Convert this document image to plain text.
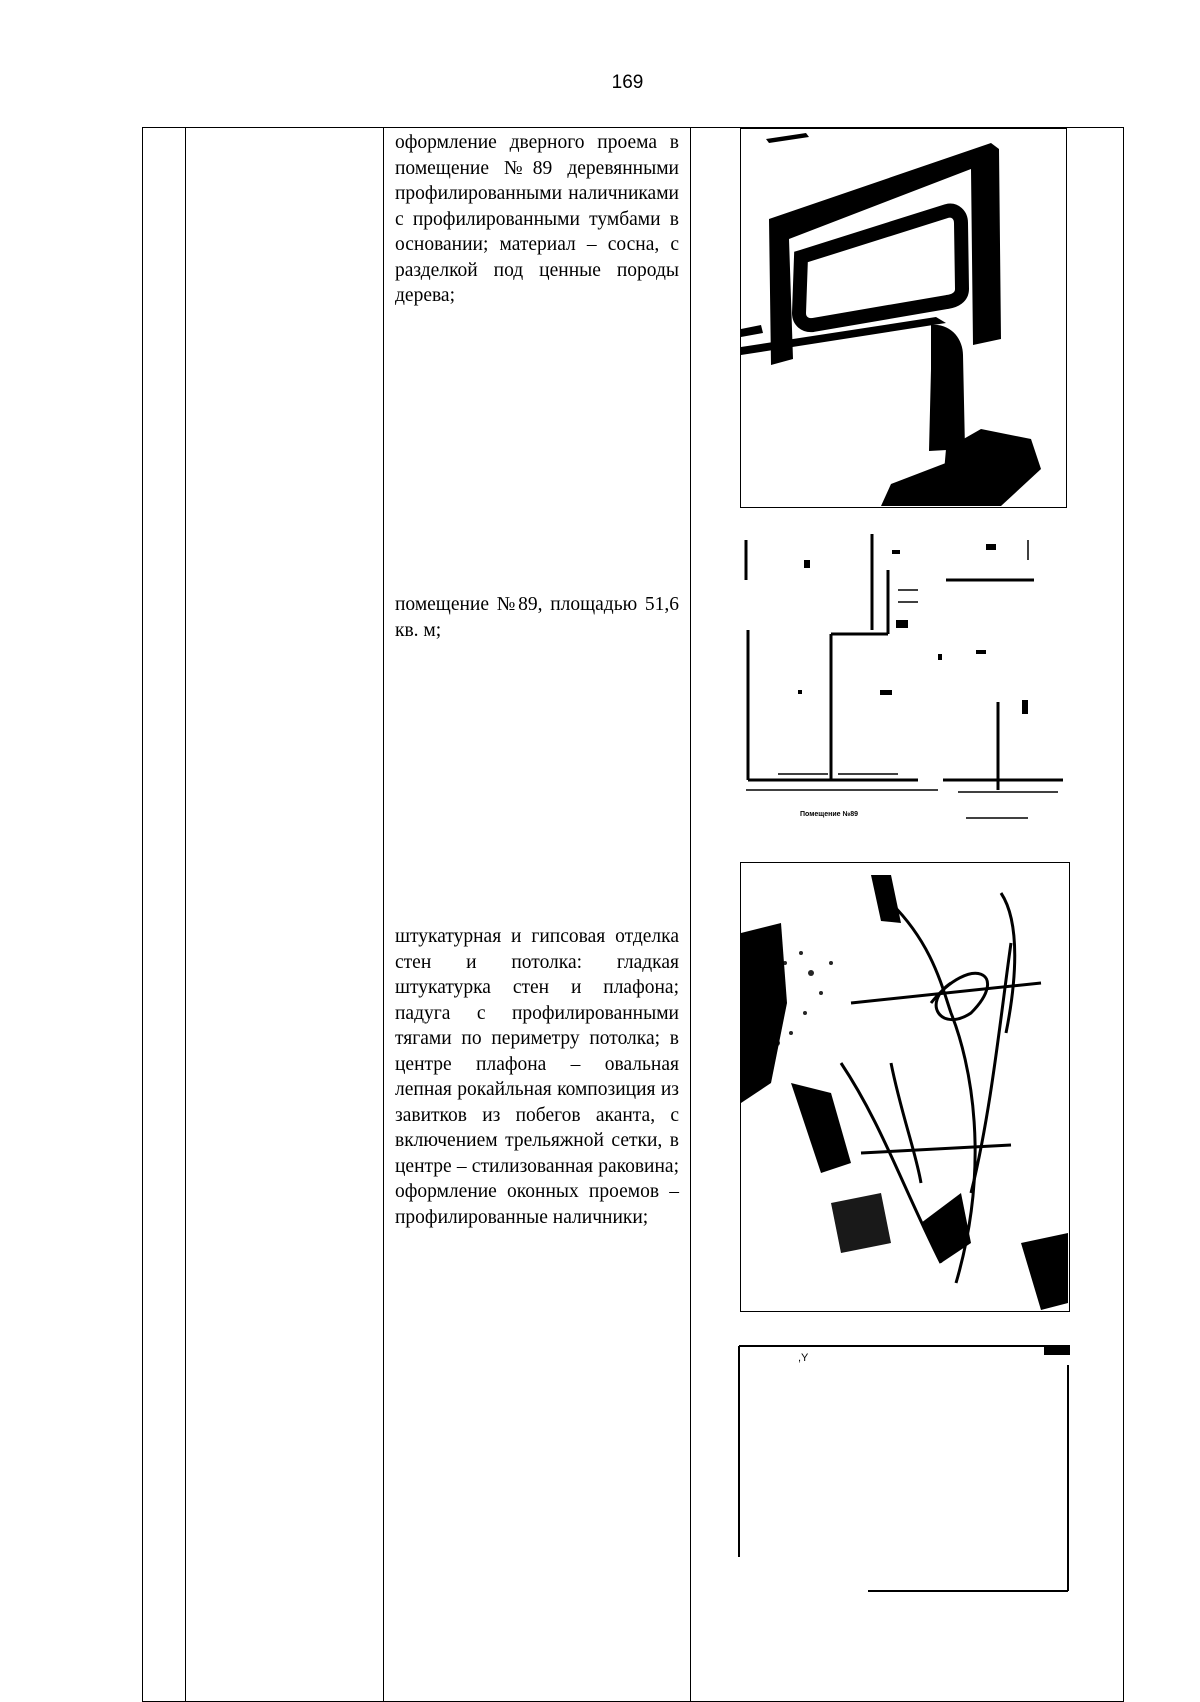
169
оформление дверного проема в помещение №89 деревянными профилированными наличниками с профилированными тумбами в основании; материал – сосна, с разделкой под ценные породы дерева;
помещение №89, площадью 51,6 кв. м;
штукатурная и гипсовая отделка стен и потолка: гладкая штукатурка стен и плафона; падуга с профилированными тягами по периметру потолка; в центре плафона – овальная лепная рокайльная композиция из завитков из побегов аканта, с включением трельяжной сетки, в центре – стилизованная раковина; оформление оконных проемов – профилированные наличники;
Помещение №89
,Y
